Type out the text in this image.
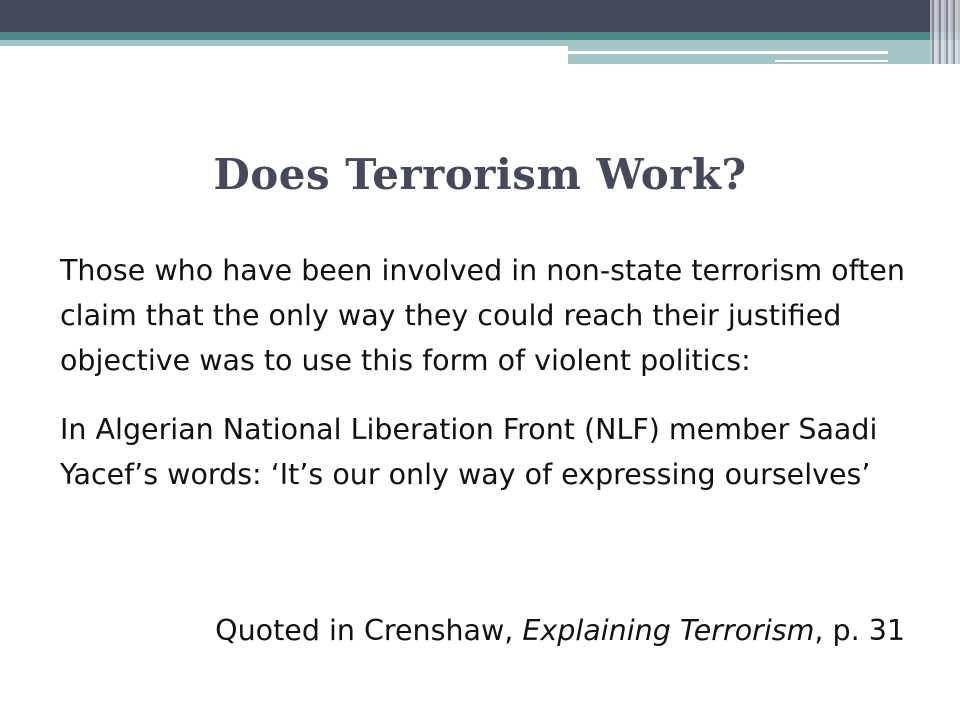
Does Terrorism Work?

Those who have been involved in non-state terrorism often claim that the only way they could reach their justified objective was to use this form of violent politics:

In Algerian National Liberation Front (NLF) member Saadi Yacef’s words: ‘It’s our only way of expressing ourselves’

Quoted in Crenshaw, Explaining Terrorism, p. 31
